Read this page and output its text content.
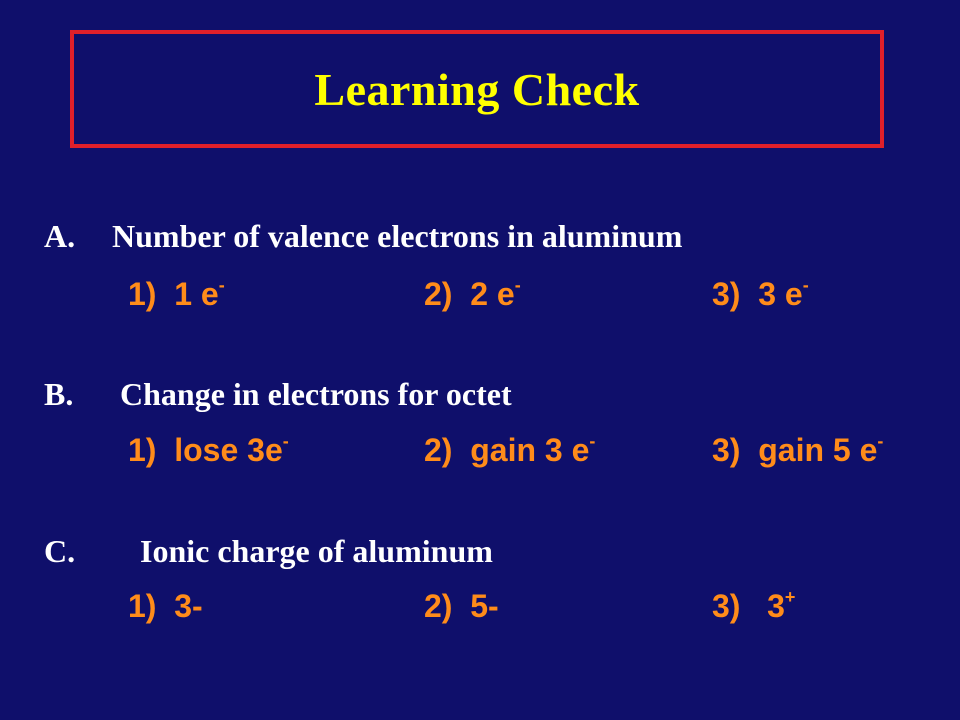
Learning Check
A. Number of valence electrons in aluminum
1) 1 e-	2) 2 e-	3) 3 e-
B. Change in electrons for octet
1) lose 3e-	2) gain 3 e-	3) gain 5 e-
C. Ionic charge of aluminum
1) 3-	2) 5-	3)   3+
